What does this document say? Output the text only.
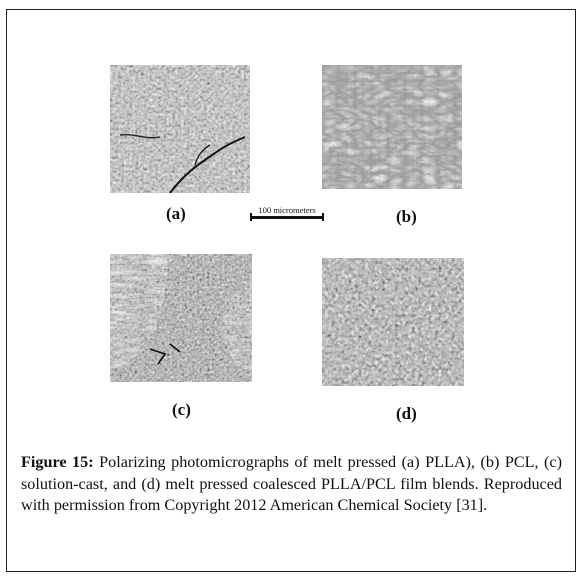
(a)	(b)
100 micrometers
(c)	(d)
Figure 15: Polarizing photomicrographs of melt pressed (a) PLLA), (b) PCL, (c) solution-cast, and (d) melt pressed coalesced PLLA/PCL film blends. Reproduced with permission from Copyright 2012 American Chemical Society [31].
